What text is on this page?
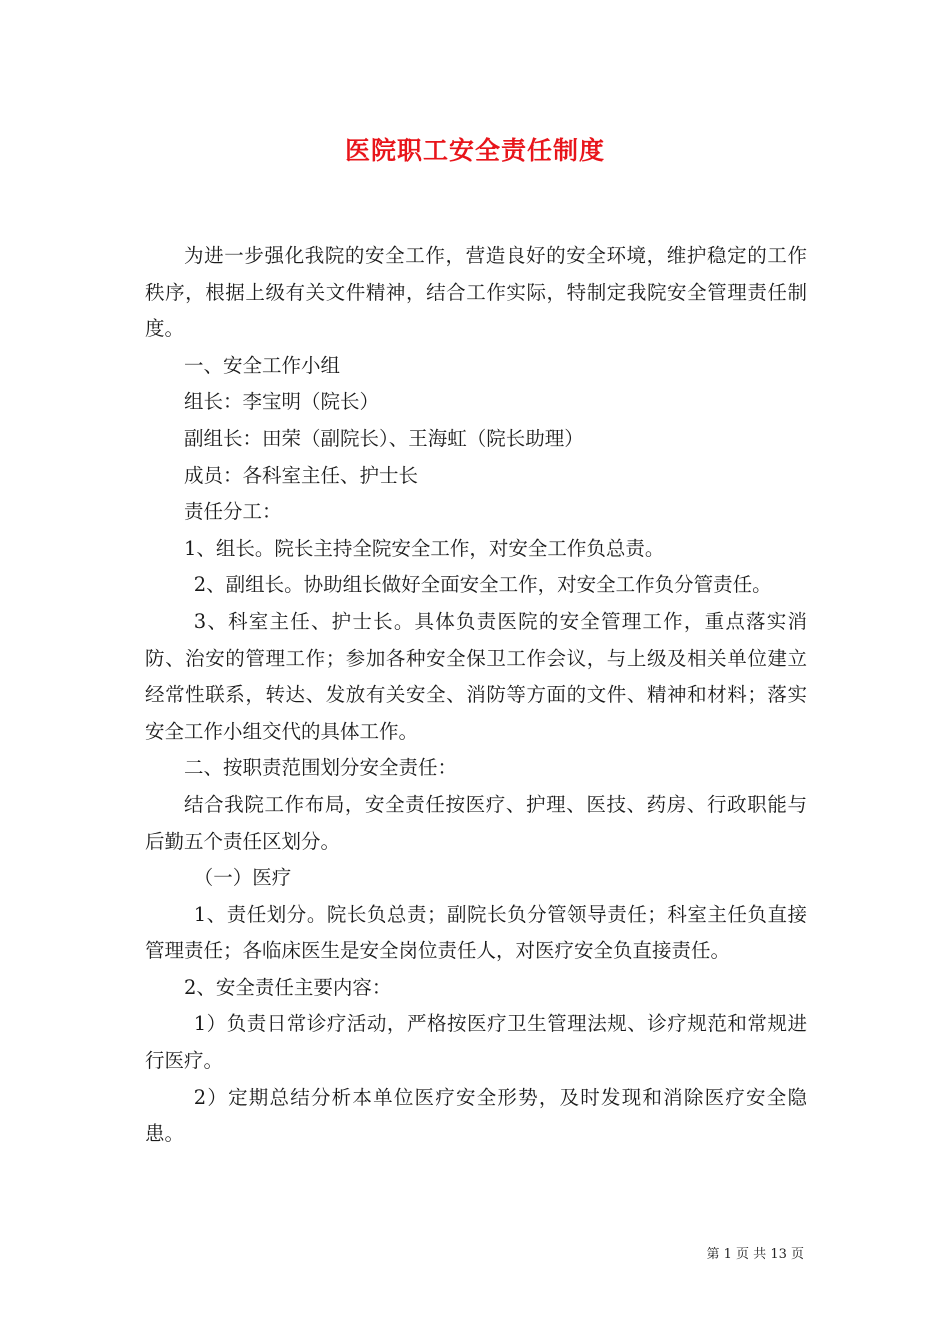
医院职工安全责任制度

为进一步强化我院的安全工作，营造良好的安全环境，维护稳定的工作秩序，根据上级有关文件精神，结合工作实际，特制定我院安全管理责任制度。

一、安全工作小组

组长：李宝明（院长）

副组长：田荣（副院长）、王海虹（院长助理）

成员：各科室主任、护士长

责任分工：

1、组长。院长主持全院安全工作，对安全工作负总责。

2、副组长。协助组长做好全面安全工作，对安全工作负分管责任。

3、科室主任、护士长。具体负责医院的安全管理工作，重点落实消防、治安的管理工作；参加各种安全保卫工作会议，与上级及相关单位建立经常性联系，转达、发放有关安全、消防等方面的文件、精神和材料；落实安全工作小组交代的具体工作。

二、按职责范围划分安全责任：

结合我院工作布局，安全责任按医疗、护理、医技、药房、行政职能与后勤五个责任区划分。

（一）医疗

1、责任划分。院长负总责；副院长负分管领导责任；科室主任负直接管理责任；各临床医生是安全岗位责任人，对医疗安全负直接责任。

2、安全责任主要内容：

1）负责日常诊疗活动，严格按医疗卫生管理法规、诊疗规范和常规进行医疗。

2）定期总结分析本单位医疗安全形势，及时发现和消除医疗安全隐患。

第 1 页 共 13 页
